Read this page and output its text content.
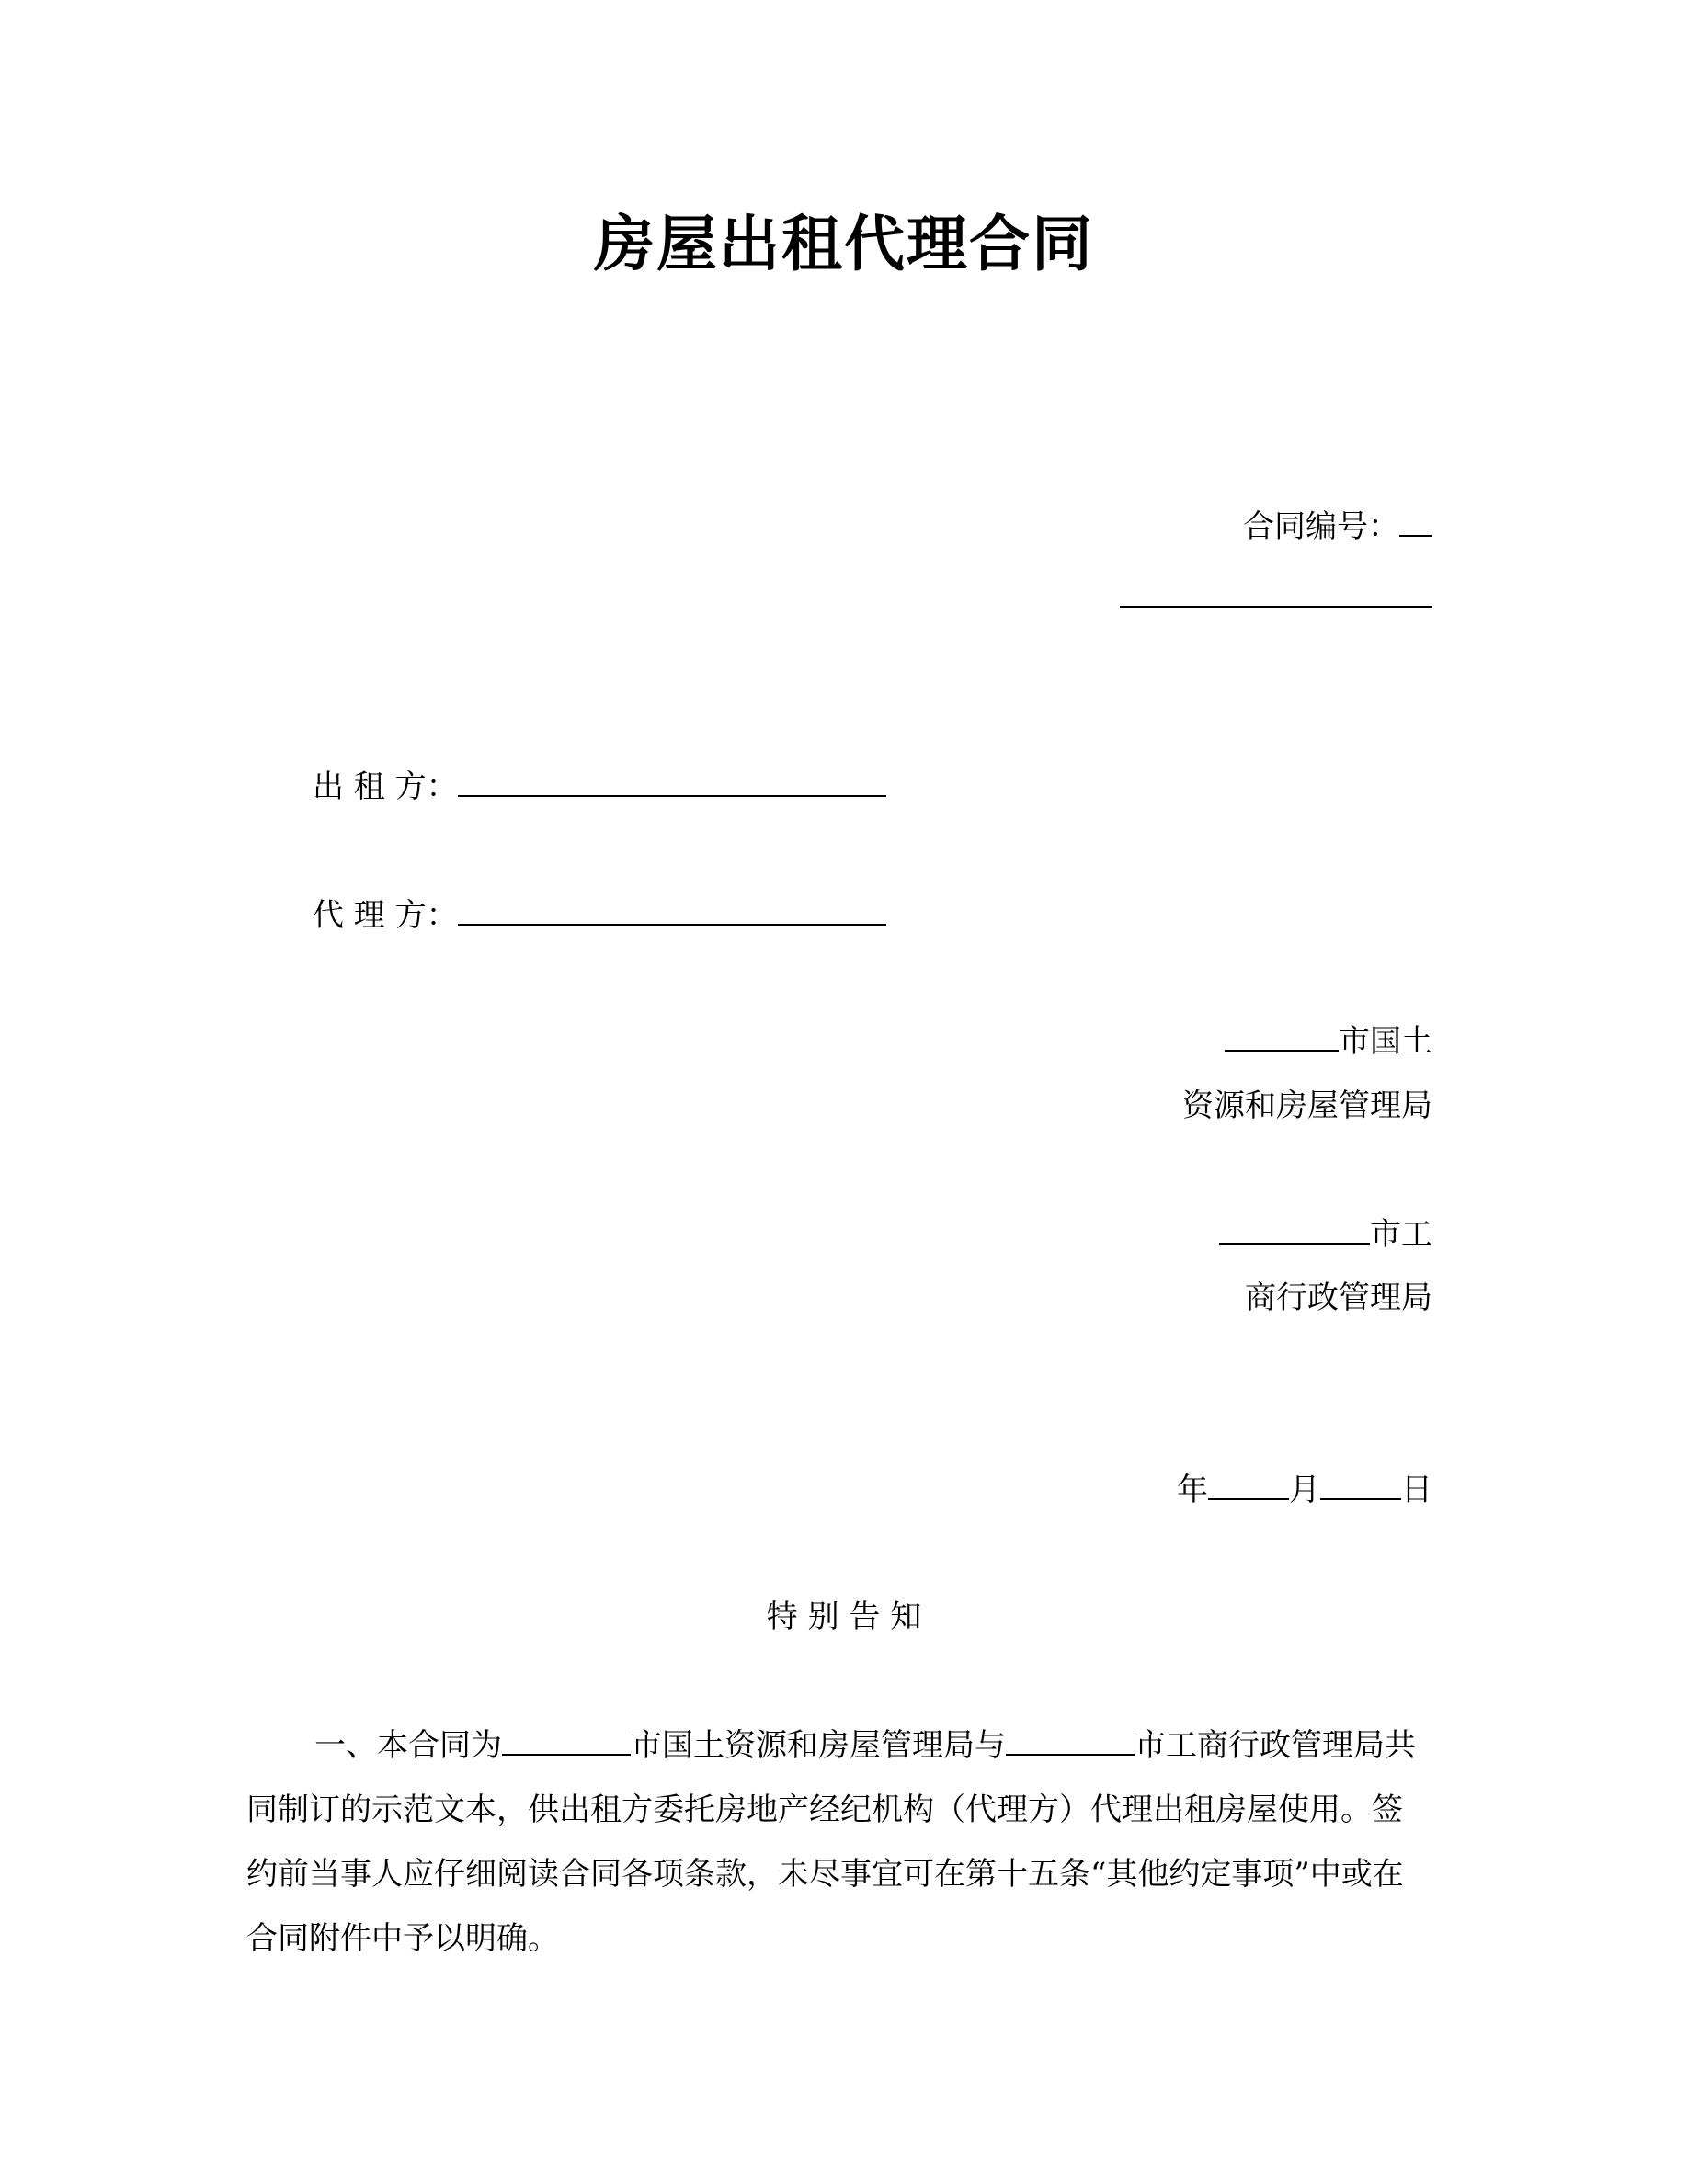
房屋出租代理合同
合同编号：
出 租 方：
代 理 方：
市国土
资源和房屋管理局
市工
商行政管理局
年	月	日
特 别 告 知
一、本合同为	市国土资源和房屋管理局与	市工商行政管理局共同制订的示范文本，供出租方委托房地产经纪机构（代理方）代理出租房屋使用。签约前当事人应仔细阅读合同各项条款，未尽事宜可在第十五条“其他约定事项”中或在合同附件中予以明确。
